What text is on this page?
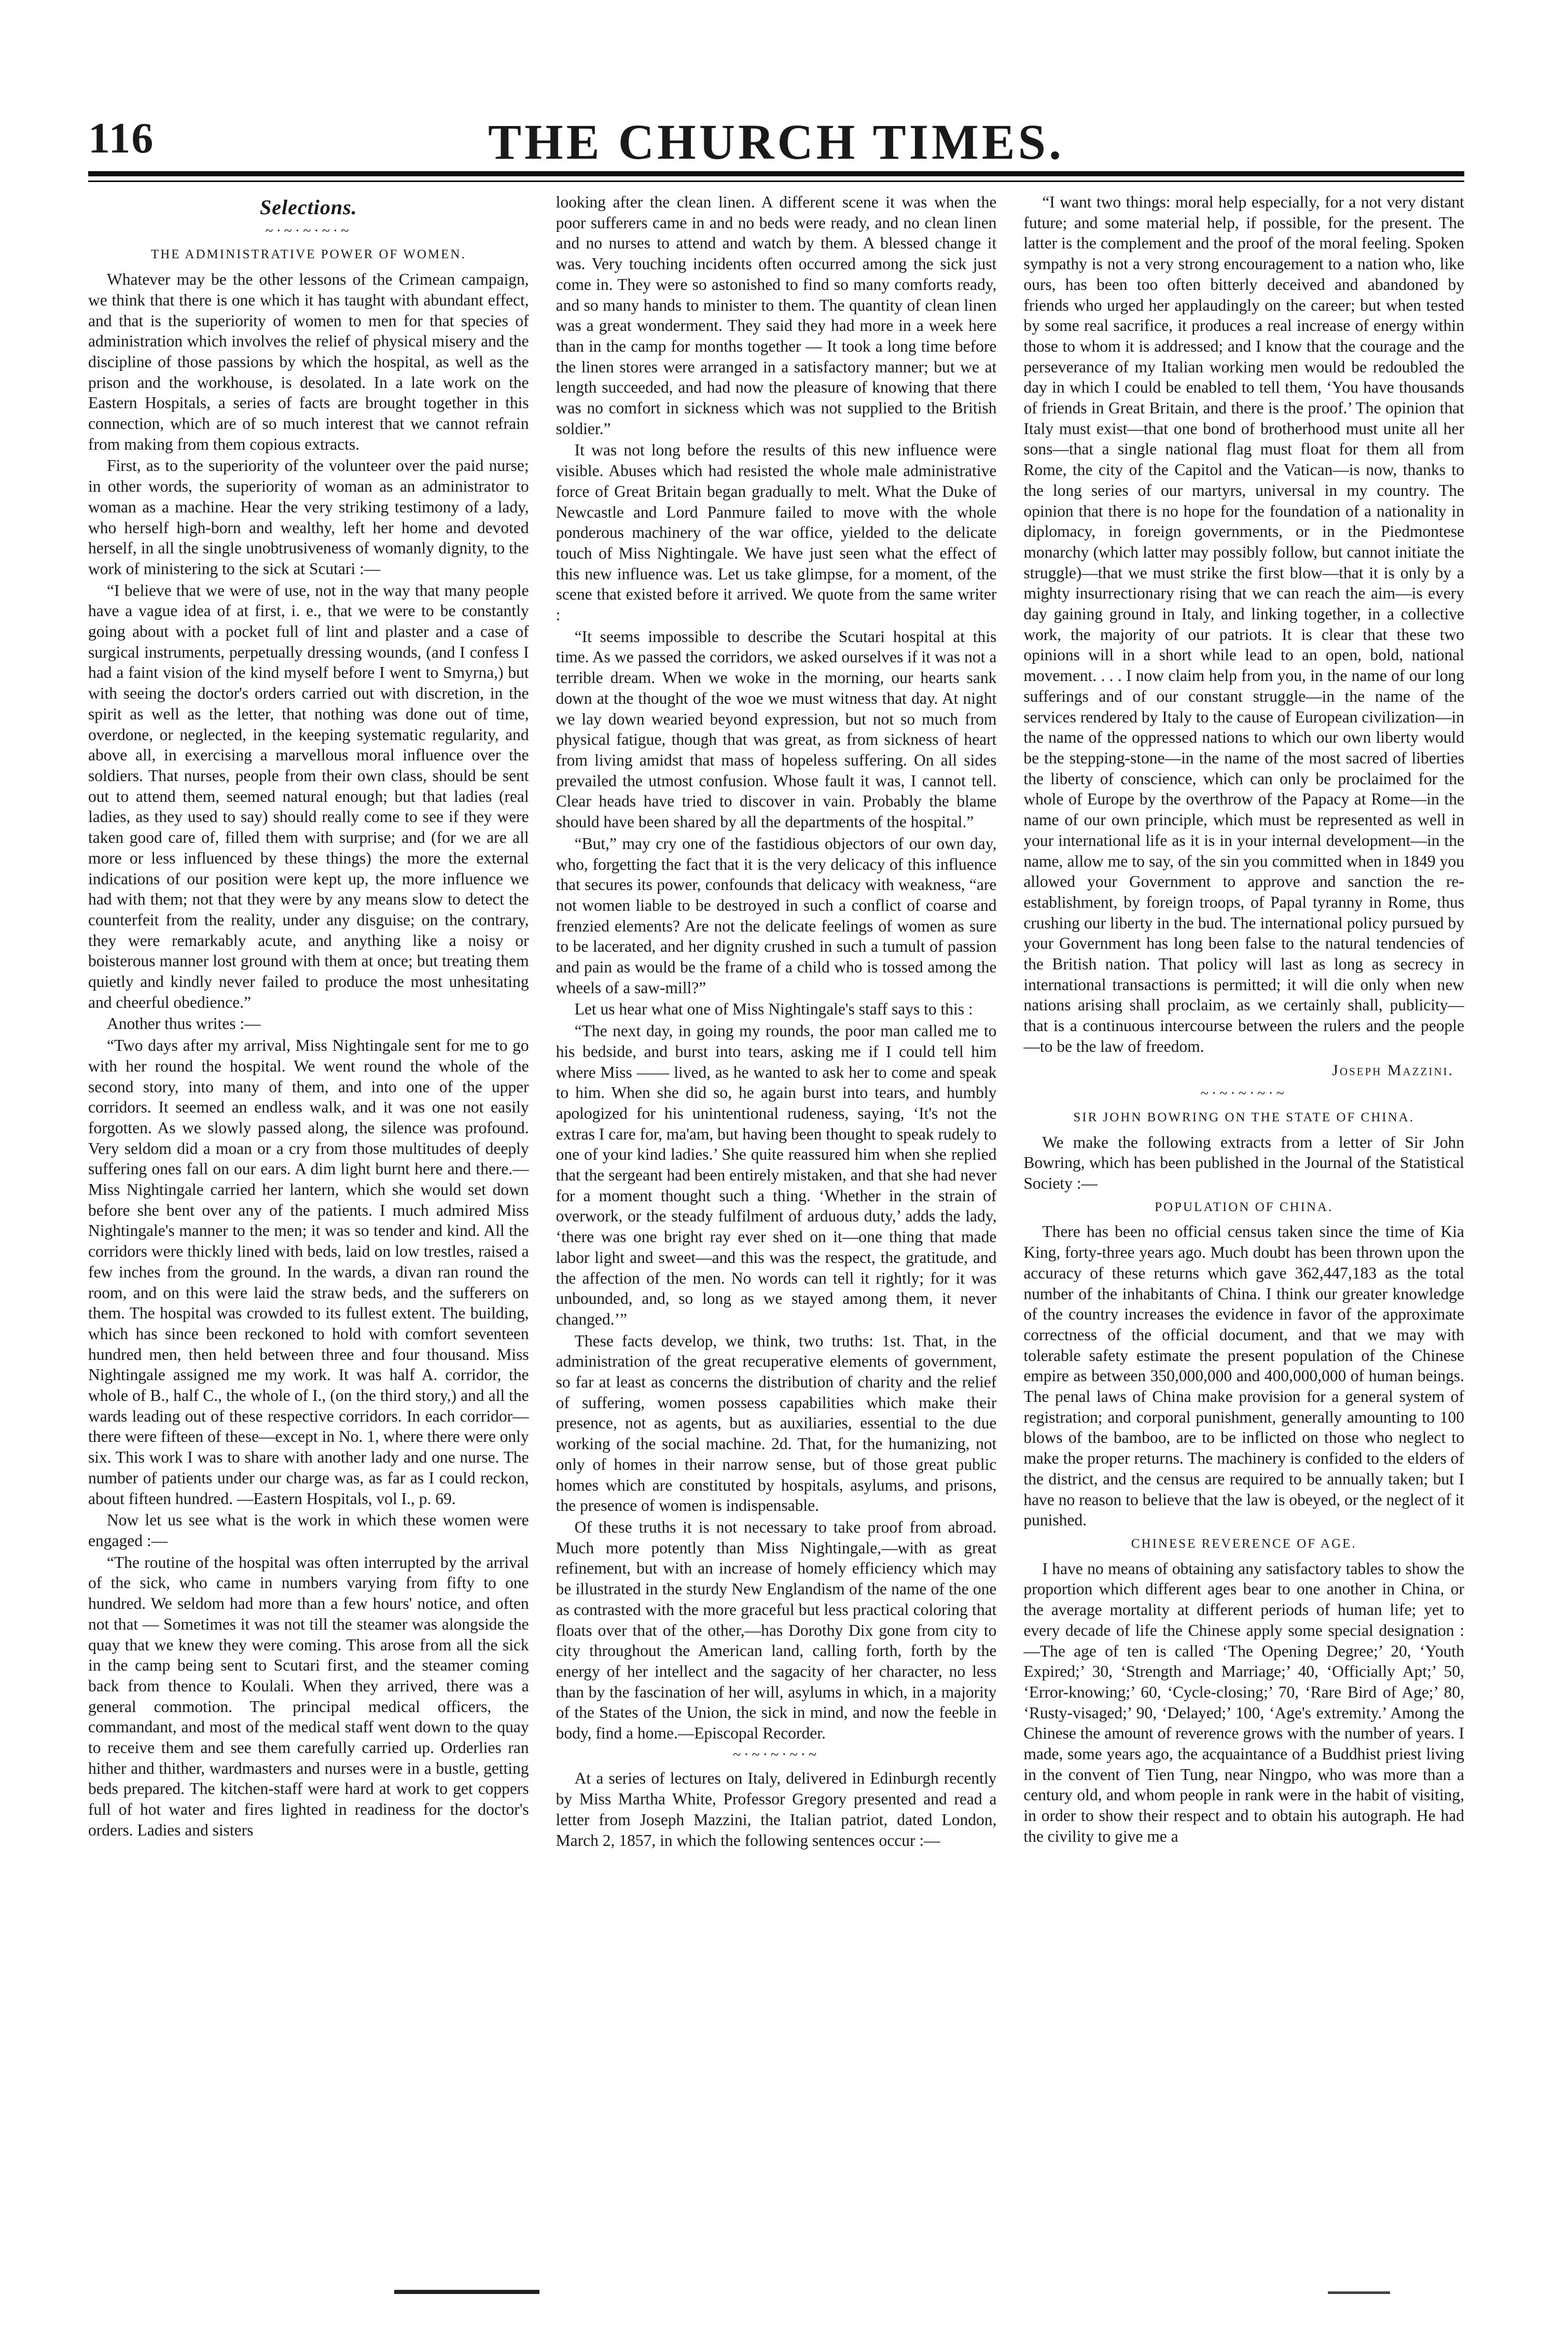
116	THE CHURCH TIMES.
Selections.
~·~·~·~·~
THE ADMINISTRATIVE POWER OF WOMEN.

Whatever may be the other lessons of the Crimean campaign, we think that there is one which it has taught with abundant effect, and that is the superiority of women to men for that species of administration which involves the relief of physical misery and the discipline of those passions by which the hospital, as well as the prison and the workhouse, is desolated. In a late work on the Eastern Hospitals, a series of facts are brought together in this connection, which are of so much interest that we cannot refrain from making from them copious extracts.

First, as to the superiority of the volunteer over the paid nurse; in other words, the superiority of woman as an administrator to woman as a machine. Hear the very striking testimony of a lady, who herself high-born and wealthy, left her home and devoted herself, in all the single unobtrusiveness of womanly dignity, to the work of ministering to the sick at Scutari :—

“I believe that we were of use, not in the way that many people have a vague idea of at first, i. e., that we were to be constantly going about with a pocket full of lint and plaster and a case of surgical instruments, perpetually dressing wounds, (and I confess I had a faint vision of the kind myself before I went to Smyrna,) but with seeing the doctor's orders carried out with discretion, in the spirit as well as the letter, that nothing was done out of time, overdone, or neglected, in the keeping systematic regularity, and above all, in exercising a marvellous moral influence over the soldiers. That nurses, people from their own class, should be sent out to attend them, seemed natural enough; but that ladies (real ladies, as they used to say) should really come to see if they were taken good care of, filled them with surprise; and (for we are all more or less influenced by these things) the more the external indications of our position were kept up, the more influence we had with them; not that they were by any means slow to detect the counterfeit from the reality, under any disguise; on the contrary, they were remarkably acute, and anything like a noisy or boisterous manner lost ground with them at once; but treating them quietly and kindly never failed to produce the most unhesitating and cheerful obedience.”

Another thus writes :—

“Two days after my arrival, Miss Nightingale sent for me to go with her round the hospital. We went round the whole of the second story, into many of them, and into one of the upper corridors. It seemed an endless walk, and it was one not easily forgotten. As we slowly passed along, the silence was profound. Very seldom did a moan or a cry from those multitudes of deeply suffering ones fall on our ears. A dim light burnt here and there.—Miss Nightingale carried her lantern, which she would set down before she bent over any of the patients. I much admired Miss Nightingale's manner to the men; it was so tender and kind. All the corridors were thickly lined with beds, laid on low trestles, raised a few inches from the ground. In the wards, a divan ran round the room, and on this were laid the straw beds, and the sufferers on them. The hospital was crowded to its fullest extent. The building, which has since been reckoned to hold with comfort seventeen hundred men, then held between three and four thousand. Miss Nightingale assigned me my work. It was half A. corridor, the whole of B., half C., the whole of I., (on the third story,) and all the wards leading out of these respective corridors. In each corridor—there were fifteen of these—except in No. 1, where there were only six. This work I was to share with another lady and one nurse. The number of patients under our charge was, as far as I could reckon, about fifteen hundred. —Eastern Hospitals, vol I., p. 69.

Now let us see what is the work in which these women were engaged :—

“The routine of the hospital was often interrupted by the arrival of the sick, who came in numbers varying from fifty to one hundred. We seldom had more than a few hours' notice, and often not that — Sometimes it was not till the steamer was alongside the quay that we knew they were coming. This arose from all the sick in the camp being sent to Scutari first, and the steamer coming back from thence to Koulali. When they arrived, there was a general commotion. The principal medical officers, the commandant, and most of the medical staff went down to the quay to receive them and see them carefully carried up. Orderlies ran hither and thither, wardmasters and nurses were in a bustle, getting beds prepared. The kitchen-staff were hard at work to get coppers full of hot water and fires lighted in readiness for the doctor's orders. Ladies and sisters

looking after the clean linen. A different scene it was when the poor sufferers came in and no beds were ready, and no clean linen and no nurses to attend and watch by them. A blessed change it was. Very touching incidents often occurred among the sick just come in. They were so astonished to find so many comforts ready, and so many hands to minister to them. The quantity of clean linen was a great wonderment. They said they had more in a week here than in the camp for months together — It took a long time before the linen stores were arranged in a satisfactory manner; but we at length succeeded, and had now the pleasure of knowing that there was no comfort in sickness which was not supplied to the British soldier.”

It was not long before the results of this new influence were visible. Abuses which had resisted the whole male administrative force of Great Britain began gradually to melt. What the Duke of Newcastle and Lord Panmure failed to move with the whole ponderous machinery of the war office, yielded to the delicate touch of Miss Nightingale. We have just seen what the effect of this new influence was. Let us take glimpse, for a moment, of the scene that existed before it arrived. We quote from the same writer :

“It seems impossible to describe the Scutari hospital at this time. As we passed the corridors, we asked ourselves if it was not a terrible dream. When we woke in the morning, our hearts sank down at the thought of the woe we must witness that day. At night we lay down wearied beyond expression, but not so much from physical fatigue, though that was great, as from sickness of heart from living amidst that mass of hopeless suffering. On all sides prevailed the utmost confusion. Whose fault it was, I cannot tell. Clear heads have tried to discover in vain. Probably the blame should have been shared by all the departments of the hospital.”

“But,” may cry one of the fastidious objectors of our own day, who, forgetting the fact that it is the very delicacy of this influence that secures its power, confounds that delicacy with weakness, “are not women liable to be destroyed in such a conflict of coarse and frenzied elements? Are not the delicate feelings of women as sure to be lacerated, and her dignity crushed in such a tumult of passion and pain as would be the frame of a child who is tossed among the wheels of a saw-mill?”

Let us hear what one of Miss Nightingale's staff says to this :

“The next day, in going my rounds, the poor man called me to his bedside, and burst into tears, asking me if I could tell him where Miss —— lived, as he wanted to ask her to come and speak to him. When she did so, he again burst into tears, and humbly apologized for his unintentional rudeness, saying, ‘It's not the extras I care for, ma'am, but having been thought to speak rudely to one of your kind ladies.’ She quite reassured him when she replied that the sergeant had been entirely mistaken, and that she had never for a moment thought such a thing. ‘Whether in the strain of overwork, or the steady fulfilment of arduous duty,’ adds the lady, ‘there was one bright ray ever shed on it—one thing that made labor light and sweet—and this was the respect, the gratitude, and the affection of the men. No words can tell it rightly; for it was unbounded, and, so long as we stayed among them, it never changed.’”

These facts develop, we think, two truths: 1st. That, in the administration of the great recuperative elements of government, so far at least as concerns the distribution of charity and the relief of suffering, women possess capabilities which make their presence, not as agents, but as auxiliaries, essential to the due working of the social machine. 2d. That, for the humanizing, not only of homes in their narrow sense, but of those great public homes which are constituted by hospitals, asylums, and prisons, the presence of women is indispensable.

Of these truths it is not necessary to take proof from abroad. Much more potently than Miss Nightingale,—with as great refinement, but with an increase of homely efficiency which may be illustrated in the sturdy New Englandism of the name of the one as contrasted with the more graceful but less practical coloring that floats over that of the other,—has Dorothy Dix gone from city to city throughout the American land, calling forth, forth by the energy of her intellect and the sagacity of her character, no less than by the fascination of her will, asylums in which, in a majority of the States of the Union, the sick in mind, and now the feeble in body, find a home.—Episcopal Recorder.

~·~·~·~·~

At a series of lectures on Italy, delivered in Edinburgh recently by Miss Martha White, Professor Gregory presented and read a letter from Joseph Mazzini, the Italian patriot, dated London, March 2, 1857, in which the following sentences occur :—

“I want two things: moral help especially, for a not very distant future; and some material help, if possible, for the present. The latter is the complement and the proof of the moral feeling. Spoken sympathy is not a very strong encouragement to a nation who, like ours, has been too often bitterly deceived and abandoned by friends who urged her applaudingly on the career; but when tested by some real sacrifice, it produces a real increase of energy within those to whom it is addressed; and I know that the courage and the perseverance of my Italian working men would be redoubled the day in which I could be enabled to tell them, ‘You have thousands of friends in Great Britain, and there is the proof.’ The opinion that Italy must exist—that one bond of brotherhood must unite all her sons—that a single national flag must float for them all from Rome, the city of the Capitol and the Vatican—is now, thanks to the long series of our martyrs, universal in my country. The opinion that there is no hope for the foundation of a nationality in diplomacy, in foreign governments, or in the Piedmontese monarchy (which latter may possibly follow, but cannot initiate the struggle)—that we must strike the first blow—that it is only by a mighty insurrectionary rising that we can reach the aim—is every day gaining ground in Italy, and linking together, in a collective work, the majority of our patriots. It is clear that these two opinions will in a short while lead to an open, bold, national movement. . . . I now claim help from you, in the name of our long sufferings and of our constant struggle—in the name of the services rendered by Italy to the cause of European civilization—in the name of the oppressed nations to which our own liberty would be the stepping-stone—in the name of the most sacred of liberties the liberty of conscience, which can only be proclaimed for the whole of Europe by the overthrow of the Papacy at Rome—in the name of our own principle, which must be represented as well in your international life as it is in your internal development—in the name, allow me to say, of the sin you committed when in 1849 you allowed your Government to approve and sanction the re-establishment, by foreign troops, of Papal tyranny in Rome, thus crushing our liberty in the bud. The international policy pursued by your Government has long been false to the natural tendencies of the British nation. That policy will last as long as secrecy in international transactions is permitted; it will die only when new nations arising shall proclaim, as we certainly shall, publicity—that is a continuous intercourse between the rulers and the people—to be the law of freedom.

Joseph Mazzini.
~·~·~·~·~
SIR JOHN BOWRING ON THE STATE OF CHINA.

We make the following extracts from a letter of Sir John Bowring, which has been published in the Journal of the Statistical Society :—

POPULATION OF CHINA.

There has been no official census taken since the time of Kia King, forty-three years ago. Much doubt has been thrown upon the accuracy of these returns which gave 362,447,183 as the total number of the inhabitants of China. I think our greater knowledge of the country increases the evidence in favor of the approximate correctness of the official document, and that we may with tolerable safety estimate the present population of the Chinese empire as between 350,000,000 and 400,000,000 of human beings. The penal laws of China make provision for a general system of registration; and corporal punishment, generally amounting to 100 blows of the bamboo, are to be inflicted on those who neglect to make the proper returns. The machinery is confided to the elders of the district, and the census are required to be annually taken; but I have no reason to believe that the law is obeyed, or the neglect of it punished.

CHINESE REVERENCE OF AGE.

I have no means of obtaining any satisfactory tables to show the proportion which different ages bear to one another in China, or the average mortality at different periods of human life; yet to every decade of life the Chinese apply some special designation :—The age of ten is called ‘The Opening Degree;’ 20, ‘Youth Expired;’ 30, ‘Strength and Marriage;’ 40, ‘Officially Apt;’ 50, ‘Error-knowing;’ 60, ‘Cycle-closing;’ 70, ‘Rare Bird of Age;’ 80, ‘Rusty-visaged;’ 90, ‘Delayed;’ 100, ‘Age's extremity.’ Among the Chinese the amount of reverence grows with the number of years. I made, some years ago, the acquaintance of a Buddhist priest living in the convent of Tien Tung, near Ningpo, who was more than a century old, and whom people in rank were in the habit of visiting, in order to show their respect and to obtain his autograph. He had the civility to give me a
